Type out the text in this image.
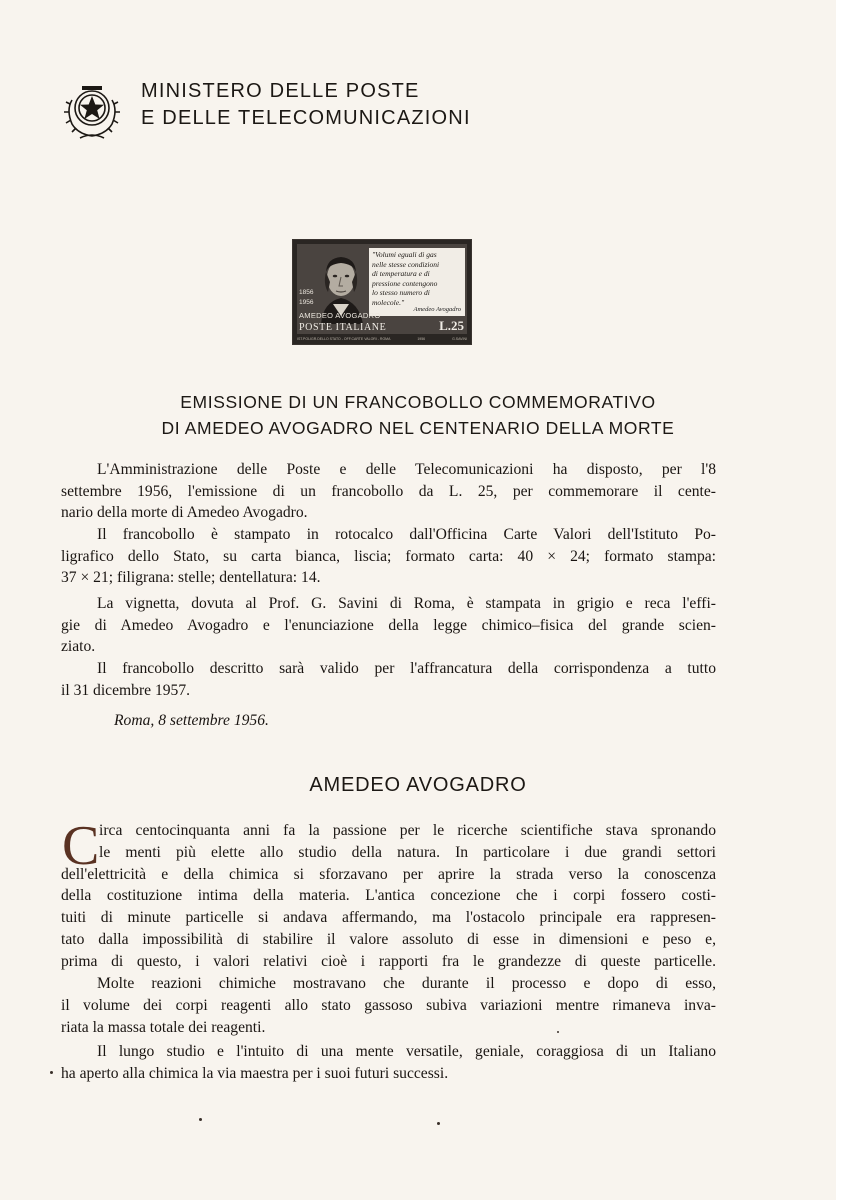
MINISTERO DELLE POSTE
E DELLE TELECOMUNICAZIONI
"Volumi eguali di gas
nelle stesse condizioni
di temperatura e di
pressione contengono
lo stesso numero di
molecole."
Amedeo Avogadro
1856
1956
AMEDEO AVOGADRO
POSTE ITALIANE	L.25
IST.POLIGR.DELLO STATO - OFF.CARTE VALORI - ROMA	1956	G.SAVINI
EMISSIONE DI UN FRANCOBOLLO COMMEMORATIVO
DI AMEDEO AVOGADRO NEL CENTENARIO DELLA MORTE
L'Amministrazione delle Poste e delle Telecomunicazioni ha disposto, per l'8
settembre 1956, l'emissione di un francobollo da L. 25, per commemorare il cente-
nario della morte di Amedeo Avogadro.
Il francobollo è stampato in rotocalco dall'Officina Carte Valori dell'Istituto Po-
ligrafico dello Stato, su carta bianca, liscia; formato carta: 40 × 24; formato stampa:
37 × 21; filigrana: stelle; dentellatura: 14.
La vignetta, dovuta al Prof. G. Savini di Roma, è stampata in grigio e reca l'effi-
gie di Amedeo Avogadro e l'enunciazione della legge chimico–fisica del grande scien-
ziato.
Il francobollo descritto sarà valido per l'affrancatura della corrispondenza a tutto
il 31 dicembre 1957.
Roma, 8 settembre 1956.
AMEDEO AVOGADRO
C irca centocinquanta anni fa la passione per le ricerche scientifiche stava spronando
le menti più elette allo studio della natura. In particolare i due grandi settori
dell'elettricità e della chimica si sforzavano per aprire la strada verso la conoscenza
della costituzione intima della materia. L'antica concezione che i corpi fossero costi-
tuiti di minute particelle si andava affermando, ma l'ostacolo principale era rappresen-
tato dalla impossibilità di stabilire il valore assoluto di esse in dimensioni e peso e,
prima di questo, i valori relativi cioè i rapporti fra le grandezze di queste particelle.
Molte reazioni chimiche mostravano che durante il processo e dopo di esso,
il volume dei corpi reagenti allo stato gassoso subiva variazioni mentre rimaneva inva-
riata la massa totale dei reagenti.
Il lungo studio e l'intuito di una mente versatile, geniale, coraggiosa di un Italiano
ha aperto alla chimica la via maestra per i suoi futuri successi.
